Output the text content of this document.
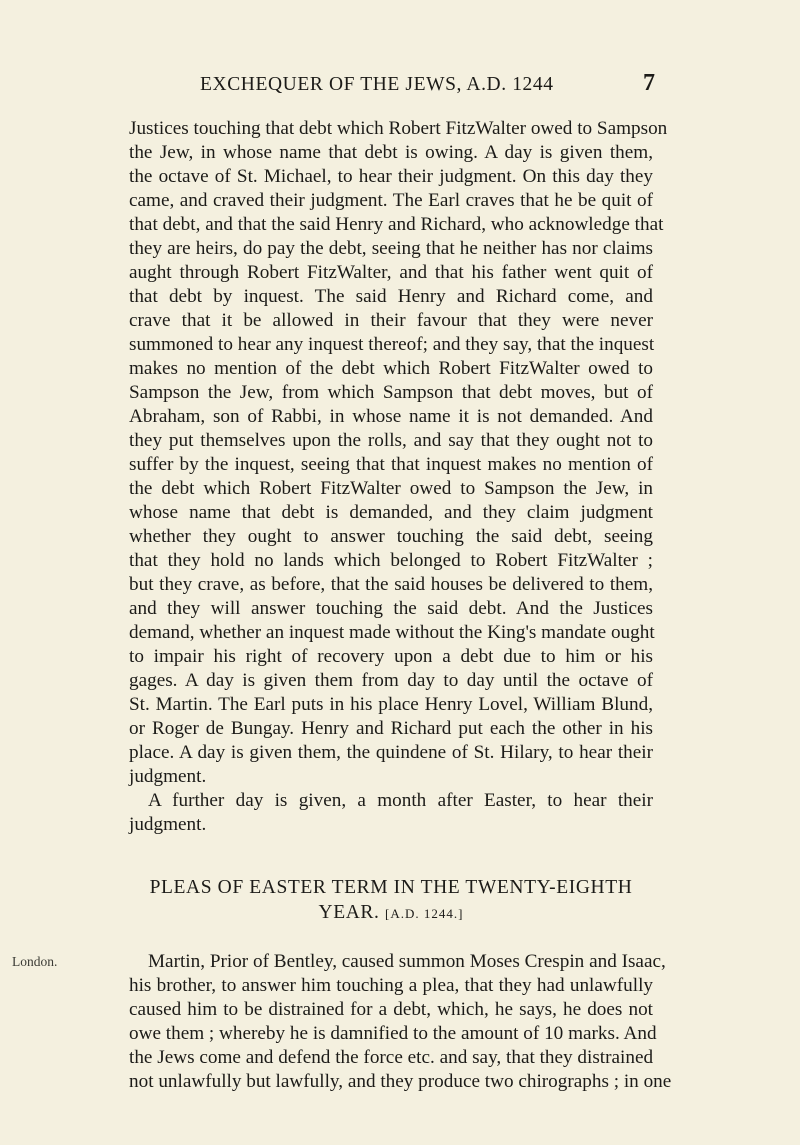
EXCHEQUER OF THE JEWS, A.D. 1244	7
Justices touching that debt which Robert FitzWalter owed to Sampson
the Jew, in whose name that debt is owing. A day is given them,
the octave of St. Michael, to hear their judgment. On this day they
came, and craved their judgment. The Earl craves that he be quit of
that debt, and that the said Henry and Richard, who acknowledge that
they are heirs, do pay the debt, seeing that he neither has nor claims
aught through Robert FitzWalter, and that his father went quit of
that debt by inquest. The said Henry and Richard come, and
crave that it be allowed in their favour that they were never
summoned to hear any inquest thereof; and they say, that the inquest
makes no mention of the debt which Robert FitzWalter owed to
Sampson the Jew, from which Sampson that debt moves, but of
Abraham, son of Rabbi, in whose name it is not demanded. And
they put themselves upon the rolls, and say that they ought not to
suffer by the inquest, seeing that that inquest makes no mention of
the debt which Robert FitzWalter owed to Sampson the Jew, in
whose name that debt is demanded, and they claim judgment
whether they ought to answer touching the said debt, seeing
that they hold no lands which belonged to Robert FitzWalter ;
but they crave, as before, that the said houses be delivered to them,
and they will answer touching the said debt. And the Justices
demand, whether an inquest made without the King's mandate ought
to impair his right of recovery upon a debt due to him or his
gages. A day is given them from day to day until the octave of
St. Martin. The Earl puts in his place Henry Lovel, William Blund,
or Roger de Bungay. Henry and Richard put each the other in his
place. A day is given them, the quindene of St. Hilary, to hear their
judgment.
A further day is given, a month after Easter, to hear their
judgment.
PLEAS OF EASTER TERM IN THE TWENTY-EIGHTH
YEAR. [A.D. 1244.]
London.	Martin, Prior of Bentley, caused summon Moses Crespin and Isaac,
his brother, to answer him touching a plea, that they had unlawfully
caused him to be distrained for a debt, which, he says, he does not
owe them ; whereby he is damnified to the amount of 10 marks. And
the Jews come and defend the force etc. and say, that they distrained
not unlawfully but lawfully, and they produce two chirographs ; in one
